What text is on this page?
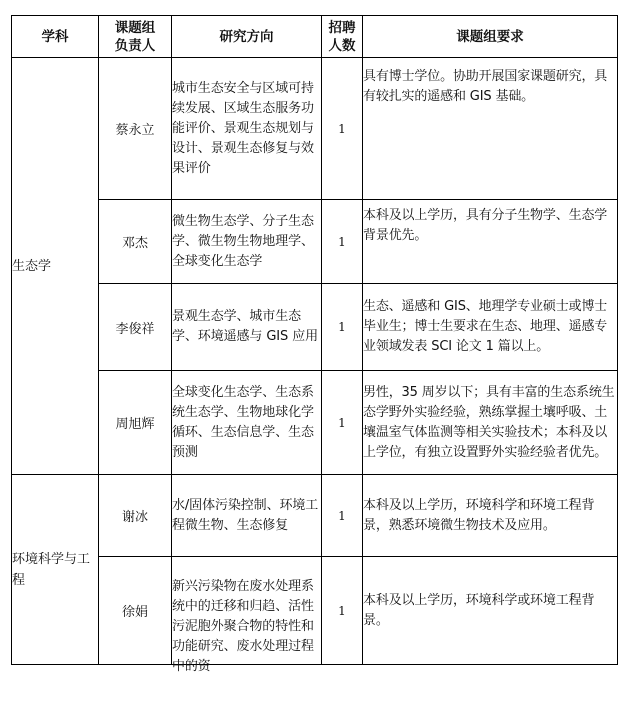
学科	课题组负责人	研究方向	招聘人数	课题组要求
生态学	蔡永立	城市生态安全与区域可持续发展、区域生态服务功能评价、景观生态规划与设计、景观生态修复与效果评价	1	具有博士学位。协助开展国家课题研究，具有较扎实的遥感和 GIS 基础。
	邓杰	微生物生态学、分子生态学、微生物生物地理学、全球变化生态学	1	本科及以上学历，具有分子生物学、生态学背景优先。
	李俊祥	景观生态学、城市生态学、环境遥感与 GIS 应用	1	生态、遥感和 GIS、地理学专业硕士或博士毕业生；博士生要求在生态、地理、遥感专业领域发表 SCI 论文 1 篇以上。
	周旭辉	全球变化生态学、生态系统生态学、生物地球化学循环、生态信息学、生态预测	1	男性，35 周岁以下；具有丰富的生态系统生态学野外实验经验，熟练掌握土壤呼吸、土壤温室气体监测等相关实验技术；本科及以上学位，有独立设置野外实验经验者优先。
环境科学与工程	谢冰	水/固体污染控制、环境工程微生物、生态修复	1	本科及以上学历，环境科学和环境工程背景，熟悉环境微生物技术及应用。
	徐娟	新兴污染物在废水处理系统中的迁移和归趋、活性污泥胞外聚合物的特性和功能研究、废水处理过程中的资	1	本科及以上学历，环境科学或环境工程背景。
